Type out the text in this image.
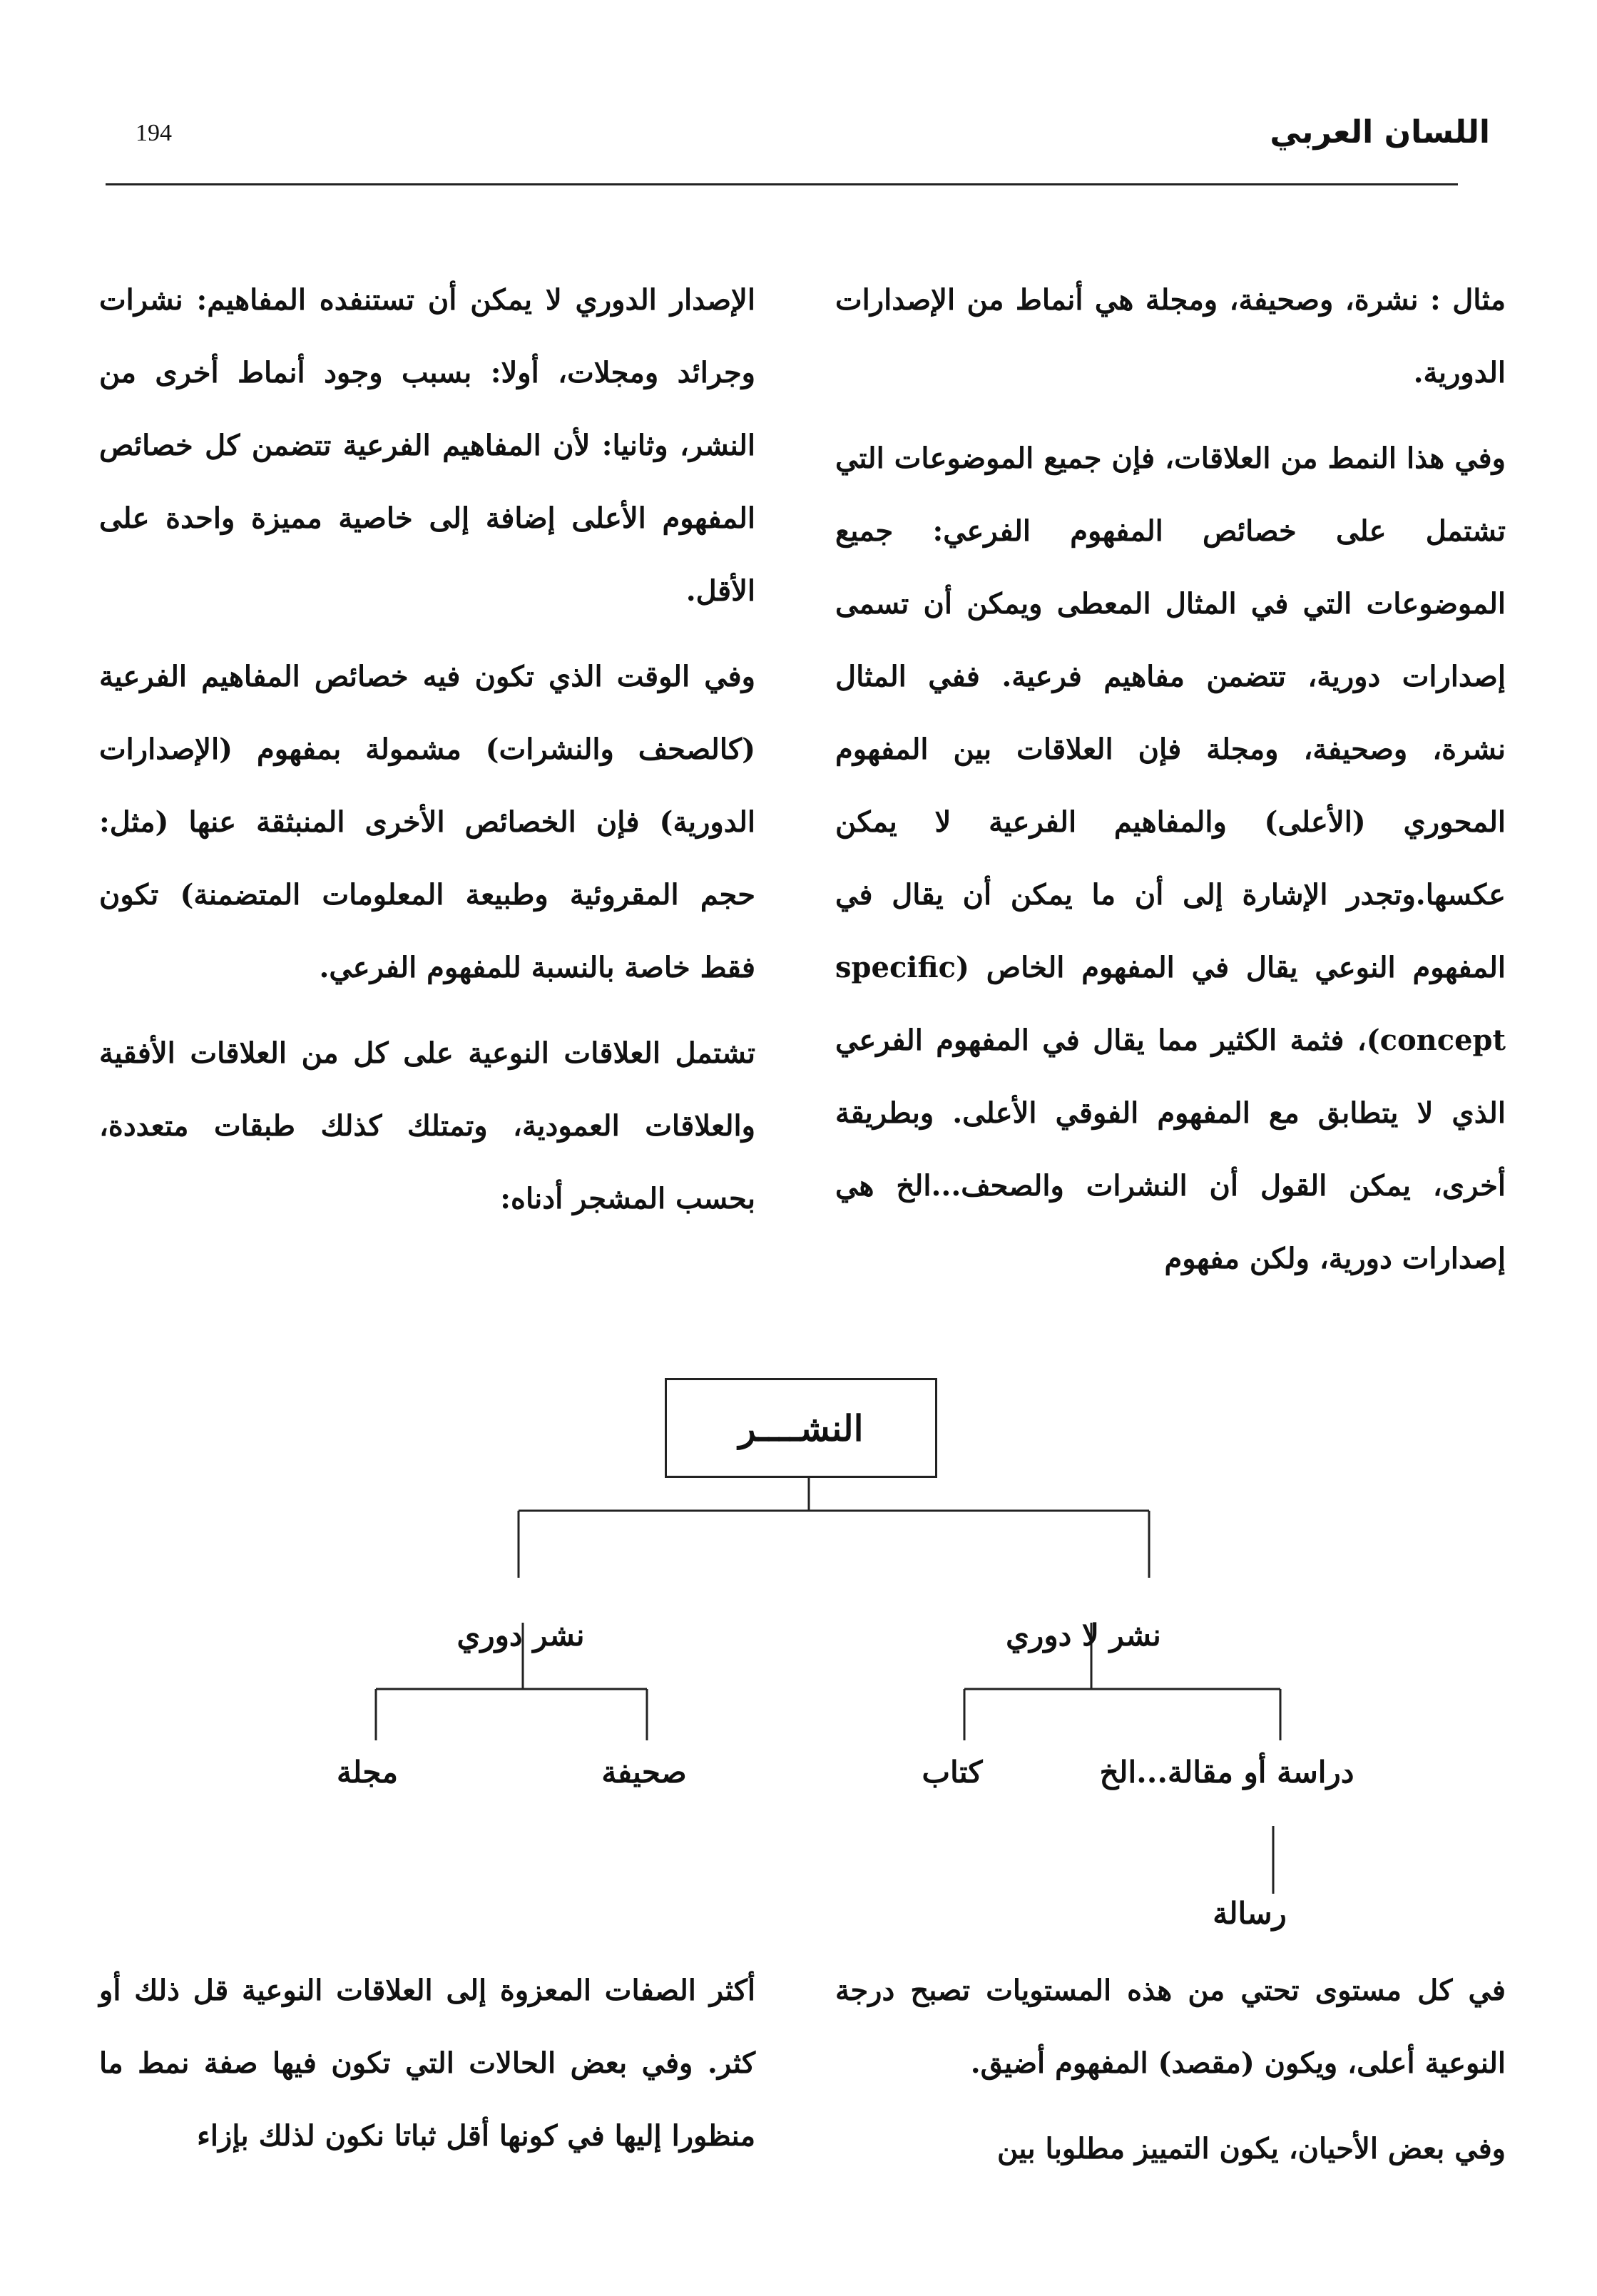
194	اللسان العربي

مثال : نشرة، وصحيفة، ومجلة هي أنماط من الإصدارات الدورية.

وفي هذا النمط من العلاقات، فإن جميع الموضوعات التي تشتمل على خصائص المفهوم الفرعي: جميع الموضوعات التي في المثال المعطى ويمكن أن تسمى إصدارات دورية، تتضمن مفاهيم فرعية. ففي المثال نشرة، وصحيفة، ومجلة فإن العلاقات بين المفهوم المحوري (الأعلى) والمفاهيم الفرعية لا يمكن عكسها.وتجدر الإشارة إلى أن ما يمكن أن يقال في المفهوم النوعي يقال في المفهوم الخاص (specific concept)، فثمة الكثير مما يقال في المفهوم الفرعي الذي لا يتطابق مع المفهوم الفوقي الأعلى. وبطريقة أخرى، يمكن القول أن النشرات والصحف...الخ هي إصدارات دورية، ولكن مفهوم

الإصدار الدوري لا يمكن أن تستنفده المفاهيم: نشرات وجرائد ومجلات، أولا: بسبب وجود أنماط أخرى من النشر، وثانيا: لأن المفاهيم الفرعية تتضمن كل خصائص المفهوم الأعلى إضافة إلى خاصية مميزة واحدة على الأقل.

وفي الوقت الذي تكون فيه خصائص المفاهيم الفرعية (كالصحف والنشرات) مشمولة بمفهوم (الإصدارات الدورية) فإن الخصائص الأخرى المنبثقة عنها (مثل: حجم المقروئية وطبيعة المعلومات المتضمنة) تكون فقط خاصة بالنسبة للمفهوم الفرعي.

تشتمل العلاقات النوعية على كل من العلاقات الأفقية والعلاقات العمودية، وتمتلك كذلك طبقات متعددة، بحسب المشجر أدناه:

النشــــر
نشر لا دوري
نشر دوري
دراسة أو مقالة...الخ
كتاب
صحيفة
مجلة
رسالة

في كل مستوى تحتي من هذه المستويات تصبح درجة النوعية أعلى، ويكون (مقصد) المفهوم أضيق.

وفي بعض الأحيان، يكون التمييز مطلوبا بين

أكثر الصفات المعزوة إلى العلاقات النوعية قل ذلك أو كثر. وفي بعض الحالات التي تكون فيها صفة نمط ما منظورا إليها في كونها أقل ثباتا نكون لذلك بإزاء
